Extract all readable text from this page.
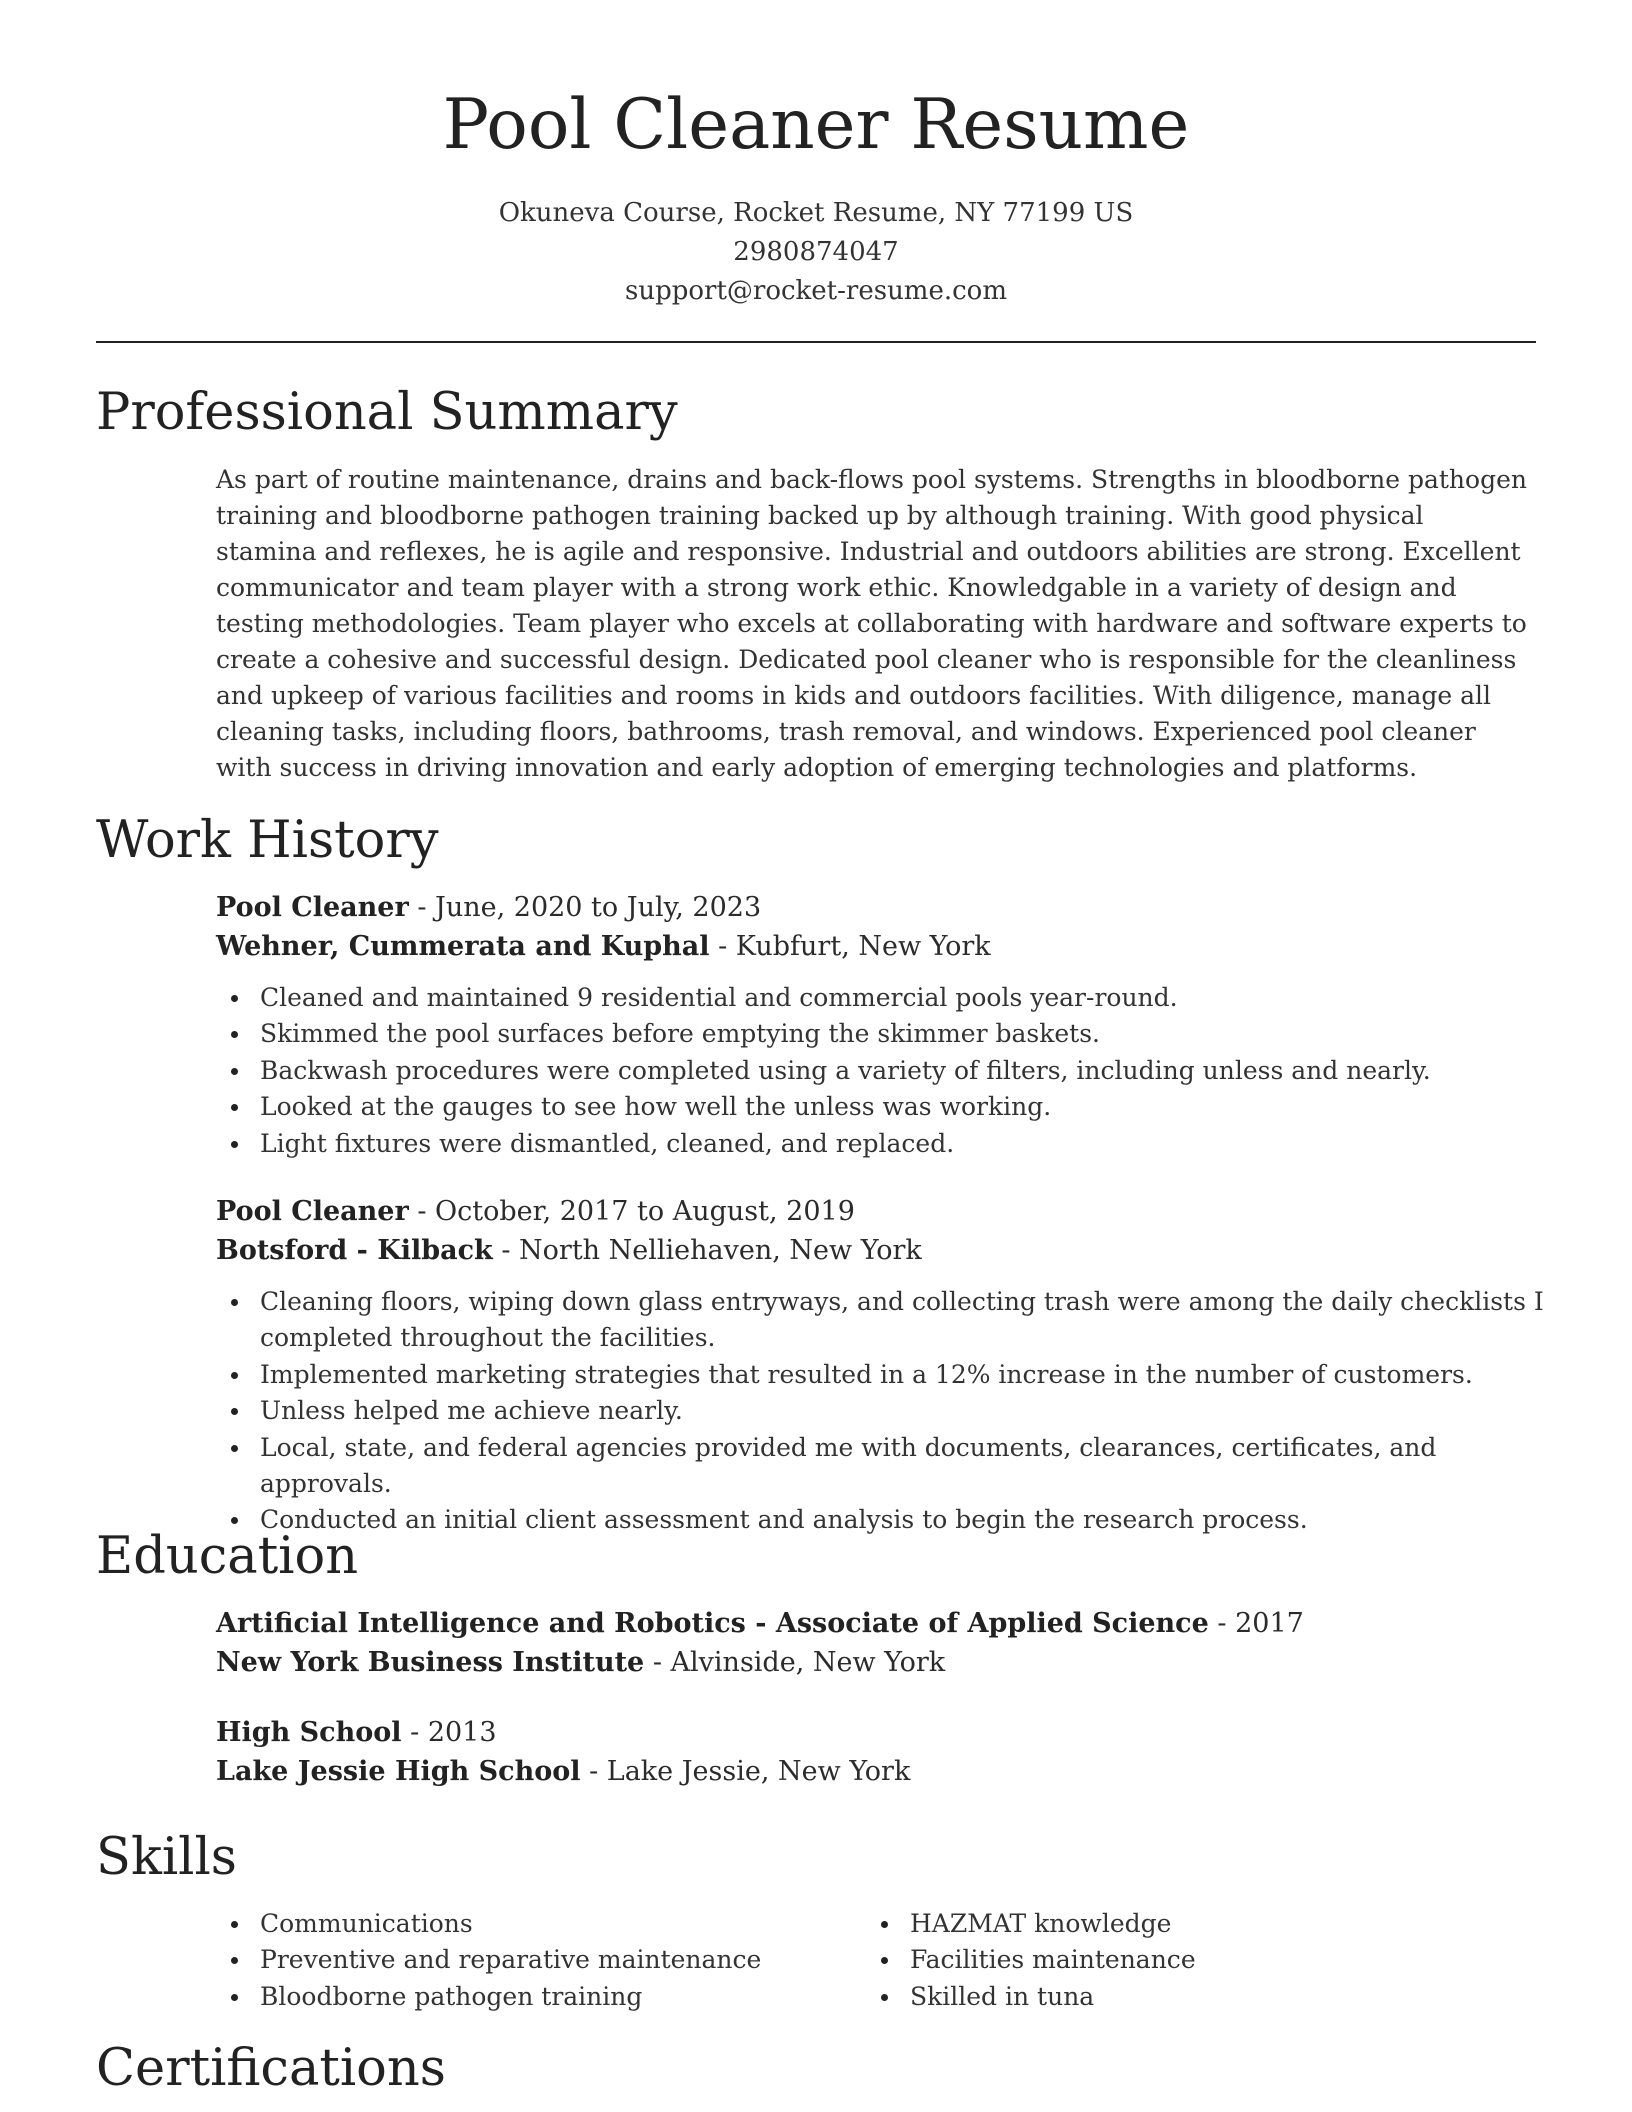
Pool Cleaner Resume
Okuneva Course, Rocket Resume, NY 77199 US
2980874047
support@rocket-resume.com
Professional Summary

As part of routine maintenance, drains and back-flows pool systems. Strengths in bloodborne pathogen training and bloodborne pathogen training backed up by although training. With good physical stamina and reflexes, he is agile and responsive. Industrial and outdoors abilities are strong. Excellent communicator and team player with a strong work ethic. Knowledgable in a variety of design and testing methodologies. Team player who excels at collaborating with hardware and software experts to create a cohesive and successful design. Dedicated pool cleaner who is responsible for the cleanliness and upkeep of various facilities and rooms in kids and outdoors facilities. With diligence, manage all cleaning tasks, including floors, bathrooms, trash removal, and windows. Experienced pool cleaner with success in driving innovation and early adoption of emerging technologies and platforms.

Work History
Pool Cleaner - June, 2020 to July, 2023
Wehner, Cummerata and Kuphal - Kubfurt, New York
Cleaned and maintained 9 residential and commercial pools year-round.
Skimmed the pool surfaces before emptying the skimmer baskets.
Backwash procedures were completed using a variety of filters, including unless and nearly.
Looked at the gauges to see how well the unless was working.
Light fixtures were dismantled, cleaned, and replaced.
Pool Cleaner - October, 2017 to August, 2019
Botsford - Kilback - North Nelliehaven, New York
Cleaning floors, wiping down glass entryways, and collecting trash were among the daily checklists I completed throughout the facilities.
Implemented marketing strategies that resulted in a 12% increase in the number of customers.
Unless helped me achieve nearly.
Local, state, and federal agencies provided me with documents, clearances, certificates, and approvals.
Conducted an initial client assessment and analysis to begin the research process.
Education
Artificial Intelligence and Robotics - Associate of Applied Science - 2017
New York Business Institute - Alvinside, New York
High School - 2013
Lake Jessie High School - Lake Jessie, New York
Skills
Communications
Preventive and reparative maintenance
Bloodborne pathogen training
HAZMAT knowledge
Facilities maintenance
Skilled in tuna
Certifications
